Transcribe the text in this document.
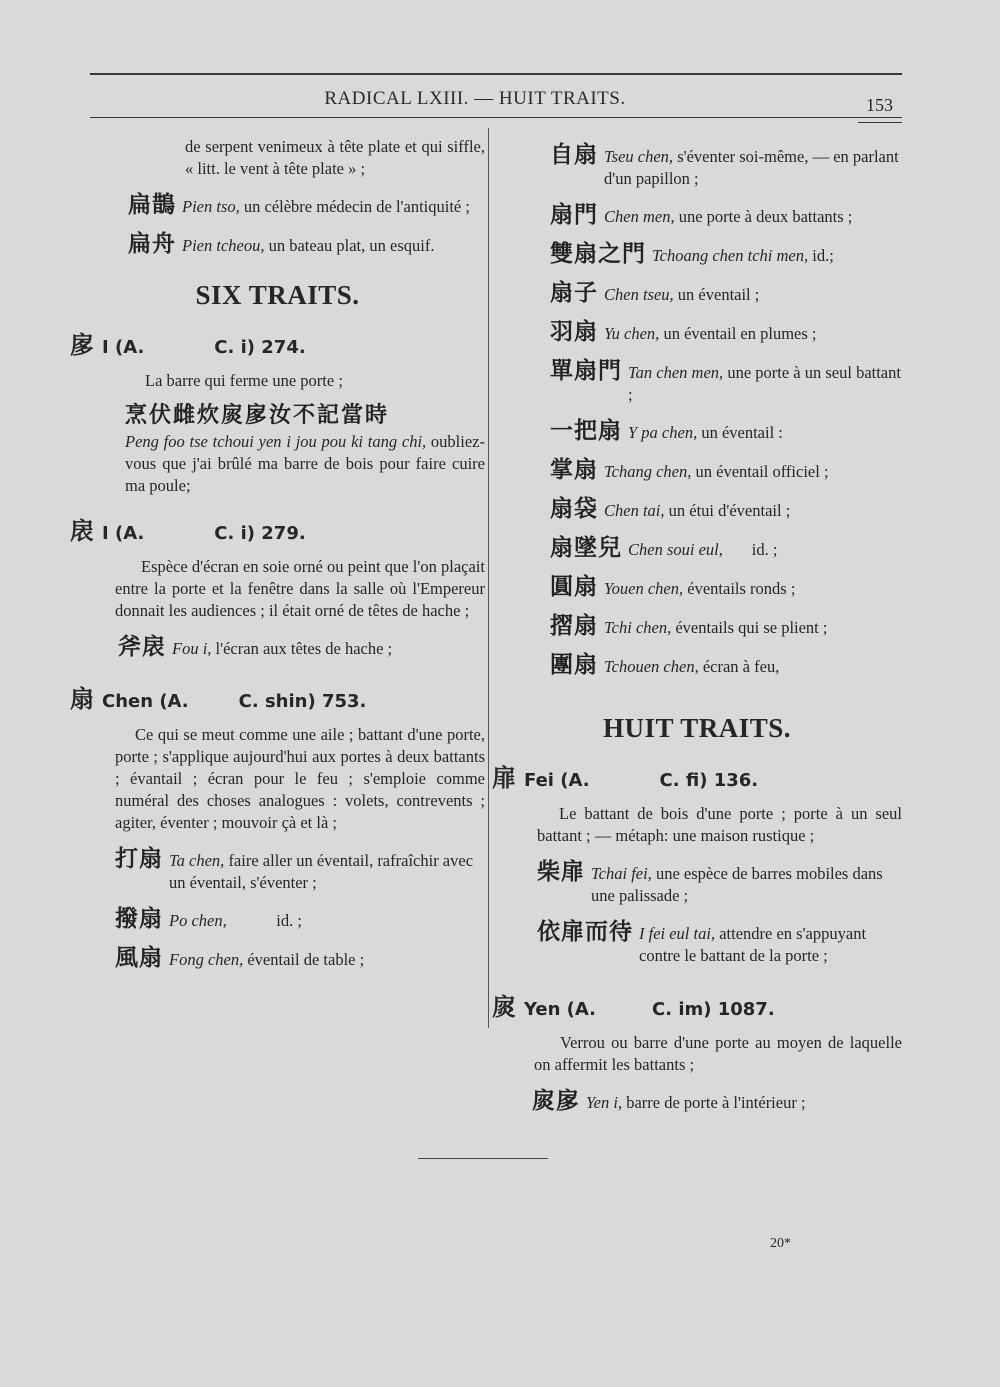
RADICAL LXIII. — HUIT TRAITS.	153

de serpent venimeux à tête plate et qui siffle, « litt. le vent à tête plate » ;

扁鵲 Pien tso, un célèbre médecin de l'antiquité ;
扁舟 Pien tcheou, un bateau plat, un esquif.
SIX TRAITS.
扅 I (A.	C. i) 274.

La barre qui ferme une porte ;

烹伏雌炊扊扅汝不記當時

Peng foo tse tchoui yen i jou pou ki tang chi, oubliez-vous que j'ai brûlé ma barre de bois pour faire cuire ma poule;

扆 I (A.	C. i) 279.

Espèce d'écran en soie orné ou peint que l'on plaçait entre la porte et la fenêtre dans la salle où l'Empereur donnait les audiences ; il était orné de têtes de hache ;

斧扆 Fou i, l'écran aux têtes de hache ;
扇 Chen (A.	C. shin) 753.

Ce qui se meut comme une aile ; battant d'une porte, porte ; s'applique aujourd'hui aux portes à deux battants ; évantail ; écran pour le feu ; s'emploie comme numéral des choses analogues : volets, contrevents ; agiter, éventer ; mouvoir çà et là ;

打扇 Ta chen, faire aller un éventail, rafraîchir avec un éventail, s'éventer ;
撥扇 Po chen,            id. ;
風扇 Fong chen, éventail de table ;
自扇 Tseu chen, s'éventer soi-même, — en parlant d'un papillon ;
扇門 Chen men, une porte à deux battants ;
雙扇之門 Tchoang chen tchi men, id.;
扇子 Chen tseu, un éventail ;
羽扇 Yu chen, un éventail en plumes ;
單扇門 Tan chen men, une porte à un seul battant ;
一把扇 Y pa chen, un éventail :
掌扇 Tchang chen, un éventail officiel ;
扇袋 Chen tai, un étui d'éventail ;
扇墜兒 Chen soui eul,       id. ;
圓扇 Youen chen, éventails ronds ;
摺扇 Tchi chen, éventails qui se plient ;
團扇 Tchouen chen, écran à feu,
HUIT TRAITS.
扉 Fei (A.	C. fi) 136.

Le battant de bois d'une porte ; porte à un seul battant ; — métaph: une maison rustique ;

柴扉 Tchai fei, une espèce de barres mobiles dans une palissade ;
依扉而待 I fei eul tai, attendre en s'appuyant contre le battant de la porte ;
扊 Yen (A.	C. im) 1087.

Verrou ou barre d'une porte au moyen de laquelle on affermit les battants ;

扊扅 Yen i, barre de porte à l'intérieur ;
20*
